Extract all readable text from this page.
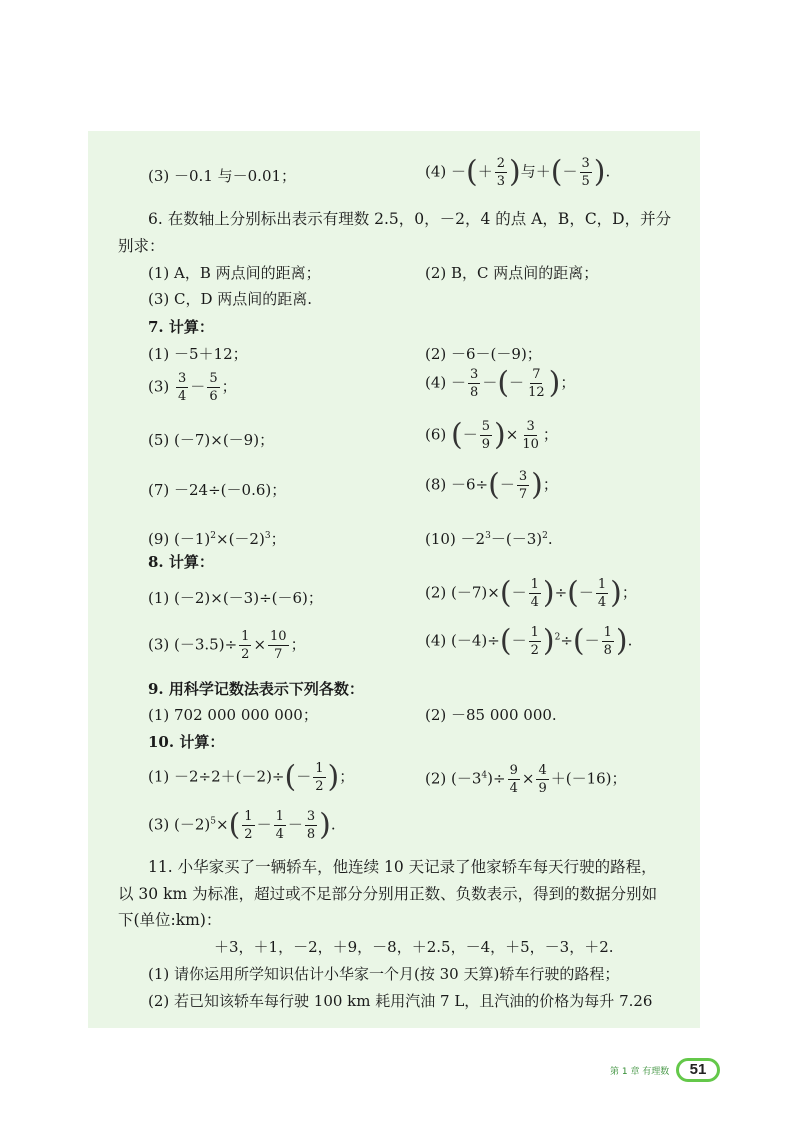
(3) －0.1 与－0.01；	(4) －(＋ $\frac{2}{3}$ )与＋(－ $\frac{3}{5}$ ).
6. 在数轴上分别标出表示有理数 2.5，0，－2，4 的点 A，B，C，D，并分
别求：
(1) A，B 两点间的距离；	(2) B，C 两点间的距离；
(3) C，D 两点间的距离.
7. 计算：
(1) －5＋12；	(2) －6－(－9)；
$(3) \frac{3}{4} - \frac{5}{6}$ ；	$(4) - \frac{3}{8}$ －(－ $\frac{7}{12}$ )；
(5) (－7)×(－9)；	(6) (－ $\frac{5}{9}$ )× $\frac{3}{10}$ ；
(7) －24÷(－0.6)；	$(8) -6\div(- \frac{3}{7}$ )；
(9) $(-1)^2\times(-2)^3$；	$(10) -2^3-(-3)^2$.
8. 计算：
(1) (－2)×(－3)÷(－6)；	(2) $(-7)\times(- \frac{1}{4}$ )÷(－ $\frac{1}{4}$ )；
(3) $(-3.5)\div \frac{1}{2} \times \frac{10}{7}$ ；	(4) $(-4)\div(- \frac{1}{2} )^2\div(- \frac{1}{8}$ ).
9. 用科学记数法表示下列各数：
(1) 702 000 000 000；	(2) －85 000 000.
10. 计算：
$(1) -2\div 2+(-2)\div(- \frac{1}{2}$ )；	(2) $(-3^4)\div \frac{9}{4} \times \frac{4}{9} +(-16)$；
(3) $(-2)^5\times( \frac{1}{2} - \frac{1}{4} - \frac{3}{8}$ ).
11. 小华家买了一辆轿车，他连续 10 天记录了他家轿车每天行驶的路程，
以 30 km 为标准，超过或不足部分分别用正数、负数表示，得到的数据分别如
下(单位:km)：
＋3，＋1，－2，＋9，－8，＋2.5，－4，＋5，－3，＋2.
(1) 请你运用所学知识估计小华家一个月(按 30 天算)轿车行驶的路程；
(2) 若已知该轿车每行驶 100 km 耗用汽油 7 L，且汽油的价格为每升 7.26
第 1 章 有理数	51
